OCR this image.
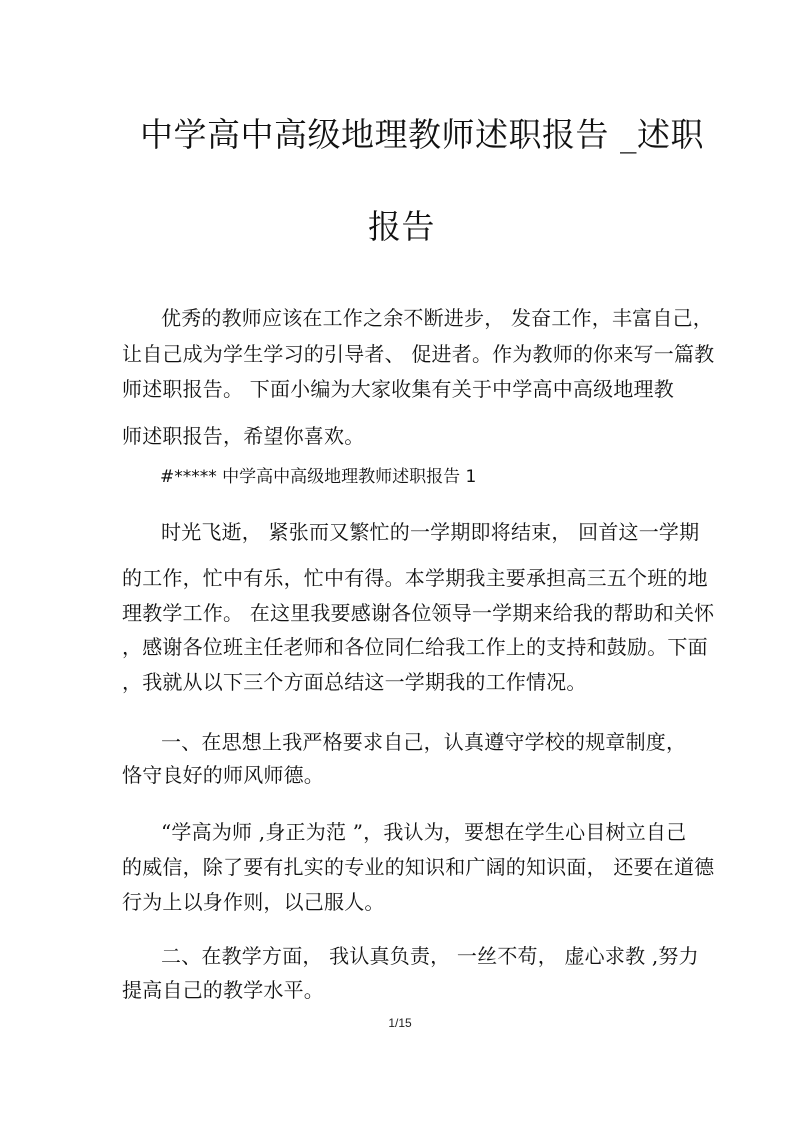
中学高中高级地理教师述职报告 _述职
报告
优秀的教师应该在工作之余不断进步， 发奋工作，丰富自己，
让自己成为学生学习的引导者、 促进者。作为教师的你来写一篇教
师述职报告。 下面小编为大家收集有关于中学高中高级地理教
师述职报告，希望你喜欢。
#***** 中学高中高级地理教师述职报告 1
时光飞逝， 紧张而又繁忙的一学期即将结束， 回首这一学期
的工作，忙中有乐，忙中有得。本学期我主要承担高三五个班的地
理教学工作。 在这里我要感谢各位领导一学期来给我的帮助和关怀
，感谢各位班主任老师和各位同仁给我工作上的支持和鼓励。下面
，我就从以下三个方面总结这一学期我的工作情况。
一、在思想上我严格要求自己，认真遵守学校的规章制度，
恪守良好的师风师德。
“学高为师 ,身正为范 ”，我认为，要想在学生心目树立自己
的威信，除了要有扎实的专业的知识和广阔的知识面， 还要在道德
行为上以身作则，以己服人。
二、在教学方面， 我认真负责， 一丝不苟， 虚心求教 ,努力
提高自己的教学水平。
1/15
